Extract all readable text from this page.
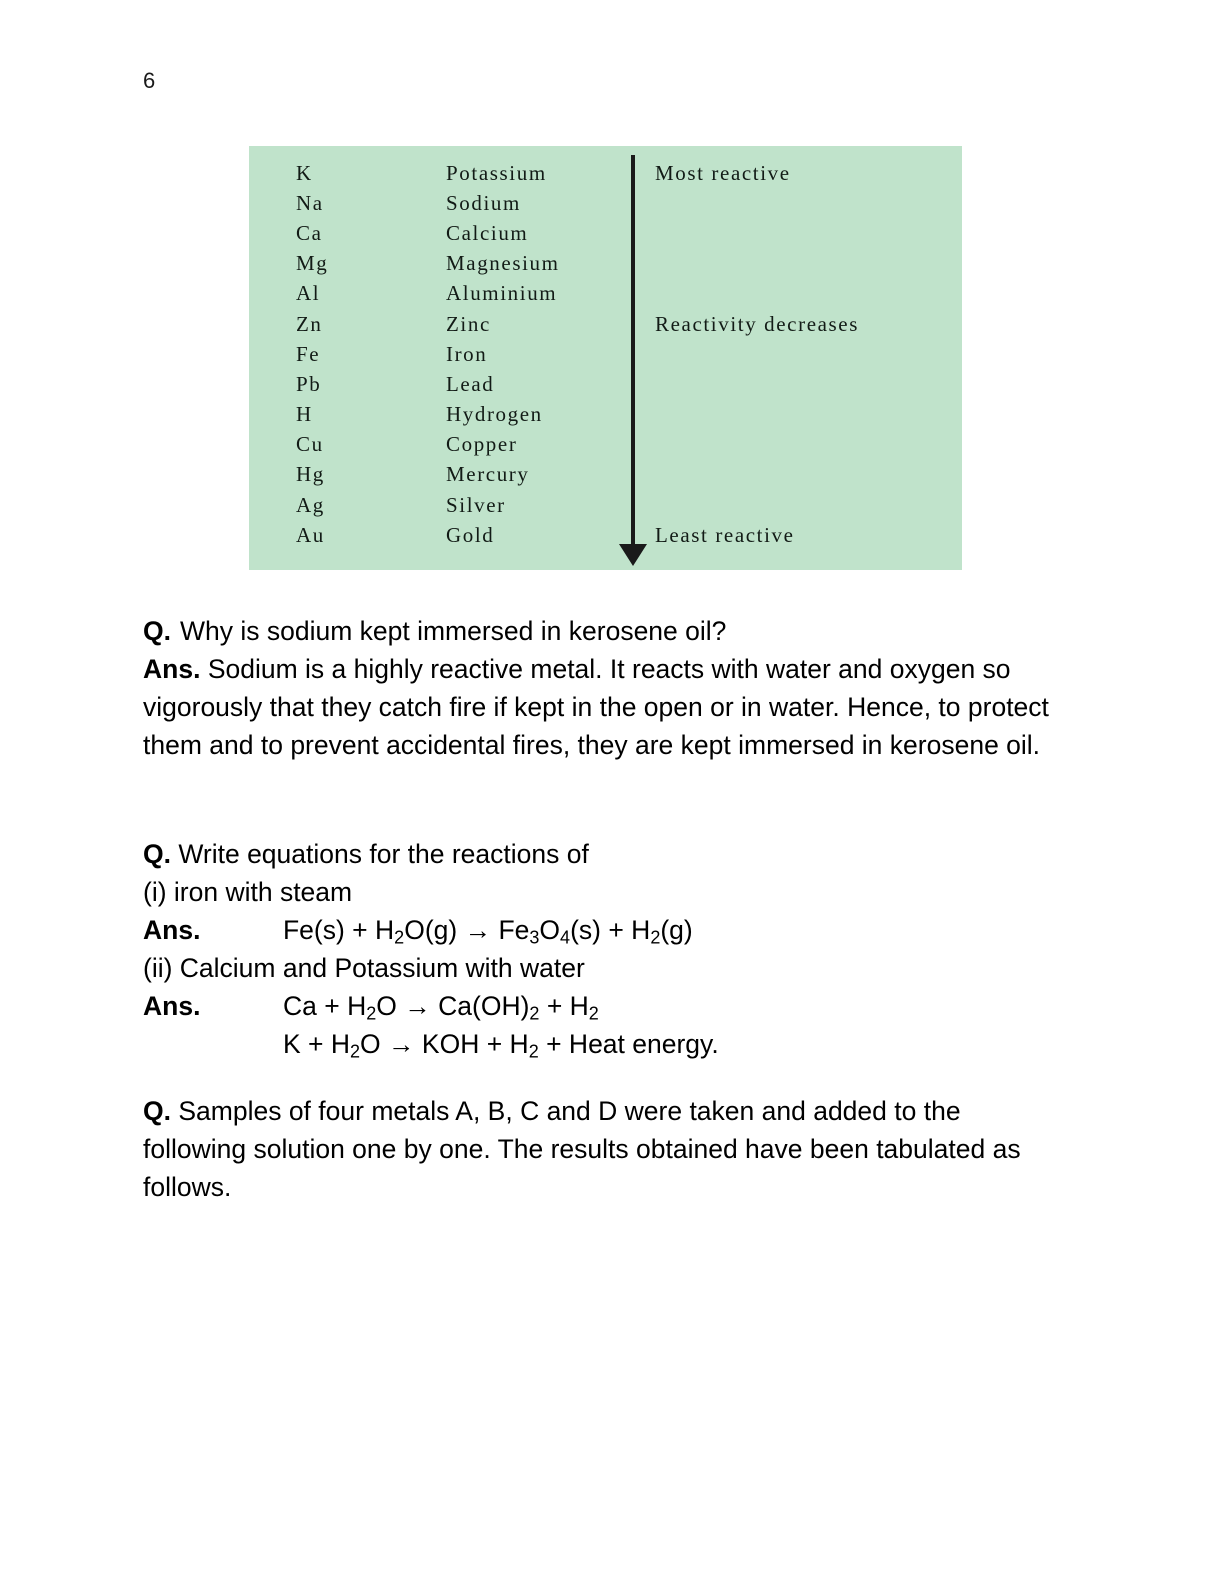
6
K	Potassium	Most reactive
Na	Sodium
Ca	Calcium
Mg	Magnesium
Al	Aluminium
Zn	Zinc	Reactivity decreases
Fe	Iron
Pb	Lead
H	Hydrogen
Cu	Copper
Hg	Mercury
Ag	Silver
Au	Gold	Least reactive
Q. Why is sodium kept immersed in kerosene oil?
Ans. Sodium is a highly reactive metal. It reacts with water and oxygen so vigorously that they catch fire if kept in the open or in water. Hence, to protect them and to prevent accidental fires, they are kept immersed in kerosene oil.
Q. Write equations for the reactions of
(i) iron with steam
Ans.	$Fe(s) + H_2O(g) \to Fe_3O_4(s) + H_2(g)$
(ii) Calcium and Potassium with water
Ans.	$Ca + H_2O \to Ca(OH)_2 + H_2$
$K + H_2O$ → KOH + $H_2$ + Heat energy.
Q. Samples of four metals A, B, C and D were taken and added to the following solution one by one. The results obtained have been tabulated as follows.
